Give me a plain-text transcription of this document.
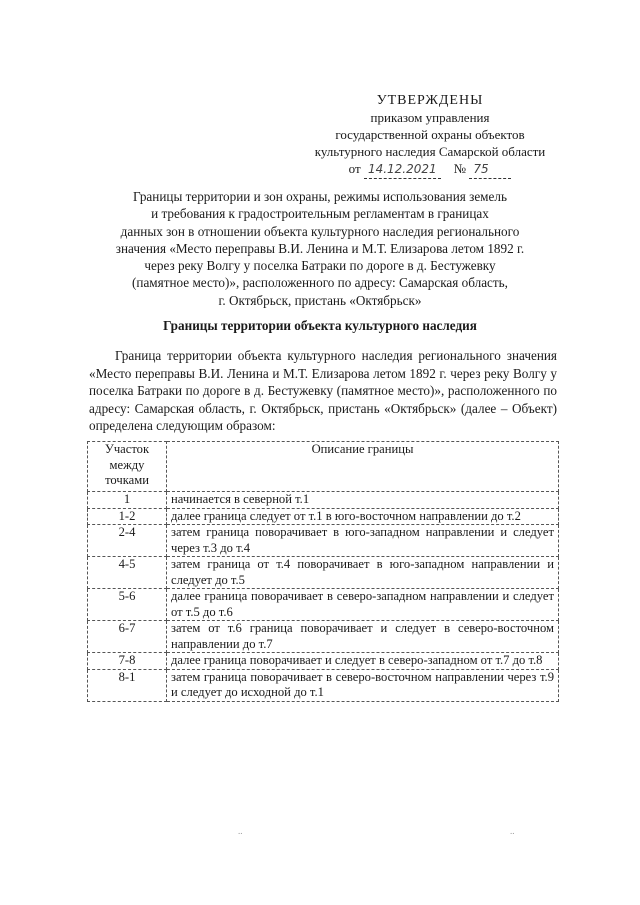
УТВЕРЖДЕНЫ
приказом управления
государственной охраны объектов
культурного наследия Самарской области
от 14.12.2021 № 75
Границы территории и зон охраны, режимы использования земель
и требования к градостроительным регламентам в границах
данных зон в отношении объекта культурного наследия регионального
значения «Место переправы В.И. Ленина и М.Т. Елизарова летом 1892 г.
через реку Волгу у поселка Батраки по дороге в д. Бестужевку
(памятное место)», расположенного по адресу: Самарская область,
г. Октябрьск, пристань «Октябрьск»
Границы территории объекта культурного наследия
Граница территории объекта культурного наследия регионального значения «Место переправы В.И. Ленина и М.Т. Елизарова летом 1892 г. через реку Волгу у поселка Батраки по дороге в д. Бестужевку (памятное место)», расположенного по адресу: Самарская область, г. Октябрьск, пристань «Октябрьск» (далее – Объект) определена следующим образом:
Участок между точками	Описание границы
1	начинается в северной т.1
1-2	далее граница следует от т.1 в юго-восточном направлении до т.2
2-4	затем граница поворачивает в юго-западном направлении и следует через т.3 до т.4
4-5	затем граница от т.4 поворачивает в юго-западном направлении и следует до т.5
5-6	далее граница поворачивает в северо-западном направлении и следует от т.5 до т.6
6-7	затем от т.6 граница поворачивает и следует в северо-восточном направлении до т.7
7-8	далее граница поворачивает и следует в северо-западном от т.7 до т.8
8-1	затем граница поворачивает в северо-восточном направлении через т.9 и следует до исходной до т.1
..	..
